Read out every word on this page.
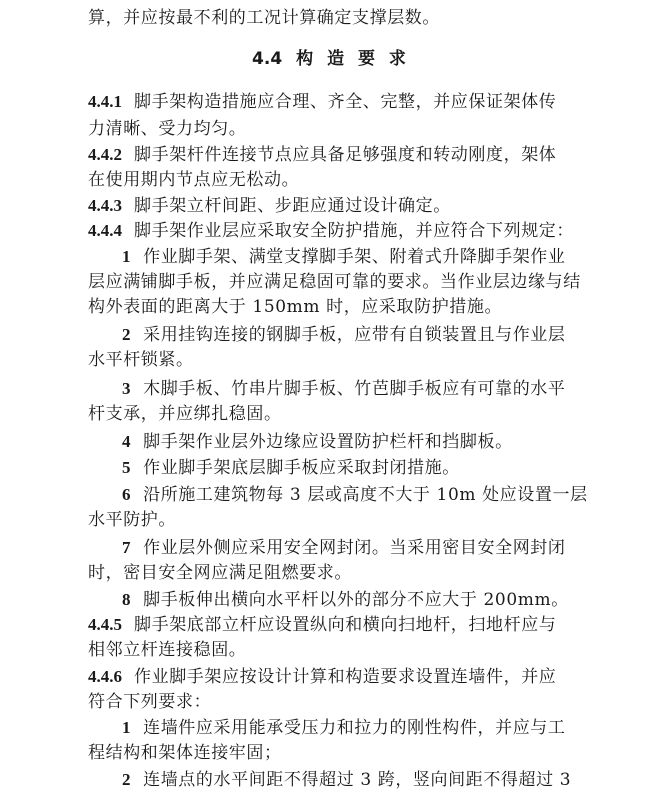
算，并应按最不利的工况计算确定支撑层数。
4.4 构 造 要 求
4.4.1 脚手架构造措施应合理、齐全、完整，并应保证架体传
力清晰、受力均匀。
4.4.2 脚手架杆件连接节点应具备足够强度和转动刚度，架体
在使用期内节点应无松动。
4.4.3 脚手架立杆间距、步距应通过设计确定。
4.4.4 脚手架作业层应采取安全防护措施，并应符合下列规定：
1 作业脚手架、满堂支撑脚手架、附着式升降脚手架作业
层应满铺脚手板，并应满足稳固可靠的要求。当作业层边缘与结
构外表面的距离大于 150mm 时，应采取防护措施。
2 采用挂钩连接的钢脚手板，应带有自锁装置且与作业层
水平杆锁紧。
3 木脚手板、竹串片脚手板、竹芭脚手板应有可靠的水平
杆支承，并应绑扎稳固。
4 脚手架作业层外边缘应设置防护栏杆和挡脚板。
5 作业脚手架底层脚手板应采取封闭措施。
6 沿所施工建筑物每 3 层或高度不大于 10m 处应设置一层
水平防护。
7 作业层外侧应采用安全网封闭。当采用密目安全网封闭
时，密目安全网应满足阻燃要求。
8 脚手板伸出横向水平杆以外的部分不应大于 200mm。
4.4.5 脚手架底部立杆应设置纵向和横向扫地杆，扫地杆应与
相邻立杆连接稳固。
4.4.6 作业脚手架应按设计计算和构造要求设置连墙件，并应
符合下列要求：
1 连墙件应采用能承受压力和拉力的刚性构件，并应与工
程结构和架体连接牢固；
2 连墙点的水平间距不得超过 3 跨，竖向间距不得超过 3
